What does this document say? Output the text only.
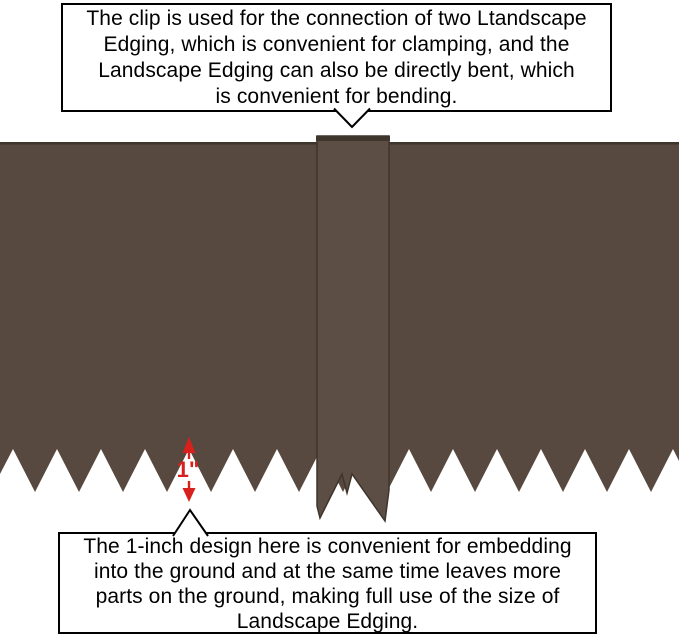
The clip is used for the connection of two Ltandscape
Edging, which is convenient for clamping, and the
Landscape Edging can also be directly bent, which
is convenient for bending.
1"
The 1-inch design here is convenient for embedding
into the ground and at the same time leaves more
parts on the ground, making full use of the size of
Landscape Edging.
